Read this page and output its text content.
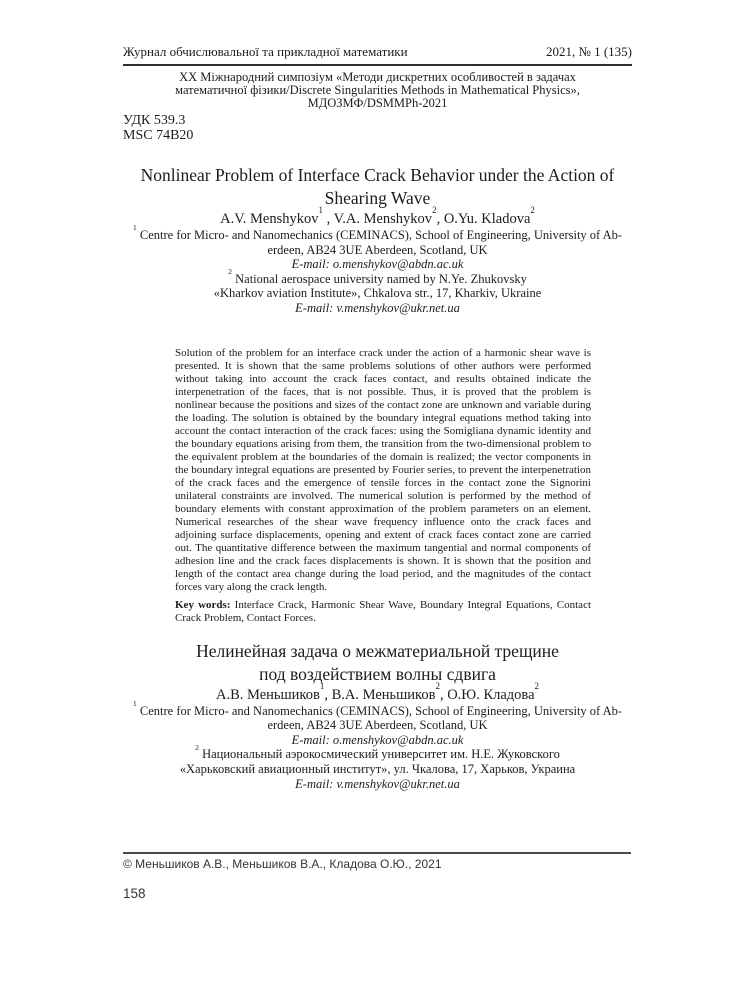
Журнал обчислювальної та прикладної математики	2021, № 1 (135)
ХХ Міжнародний симпозіум «Методи дискретних особливостей в задачах
математичної фізики/Discrete Singularities Methods in Mathematical Physics»,
МДОЗМФ/DSMMPh-2021
УДК 539.3
MSC 74B20
Nonlinear Problem of Interface Crack Behavior under the Action of
Shearing Wave
A.V. Menshykov$^1$ , V.A. Menshykov$^2$, O.Yu. Kladova$^2$
$^1$ Centre for Micro- and Nanomechanics (CEMINACS), School of Engineering, University of Ab-
erdeen, AB24 3UE Aberdeen, Scotland, UK
E-mail: o.menshykov@abdn.ac.uk
$^2$ National aerospace university named by N.Ye. Zhukovsky
«Kharkov aviation Institute», Chkalova str., 17, Kharkiv, Ukraine
E-mail: v.menshykov@ukr.net.ua
Solution of the problem for an interface crack under the action of a harmonic shear wave is presented. It is shown that the same problems solutions of other authors were performed without taking into account the crack faces contact, and results obtained indicate the interpenetration of the faces, that is not possible. Thus, it is proved that the problem is nonlinear because the positions and sizes of the contact zone are unknown and variable during the loading. The solution is obtained by the boundary integral equations method taking into account the contact interaction of the crack faces: using the Somigliana dynamic identity and the boundary equations arising from them, the transition from the two-dimensional problem to the equivalent problem at the boundaries of the domain is realized; the vector components in the boundary integral equations are presented by Fourier series, to prevent the interpenetration of the crack faces and the emergence of tensile forces in the contact zone the Signorini unilateral constraints are involved. The numerical solution is performed by the method of boundary elements with constant approximation of the problem parameters on an element. Numerical researches of the shear wave frequency influence onto the crack faces and adjoining surface displacements, opening and extent of crack faces contact zone are carried out. The quantitative difference between the maximum tangential and normal components of adhesion line and the crack faces displacements is shown. It is shown that the position and length of the contact area change during the load period, and the magnitudes of the contact forces vary along the crack length.
Key words: Interface Crack, Harmonic Shear Wave, Boundary Integral Equations, Contact Crack Problem, Contact Forces.
Нелинейная задача о межматериальной трещине
под воздействием волны сдвига
А.В. Меньшиков$^1$, В.А. Меньшиков$^2$, О.Ю. Кладова$^2$
$^1$ Centre for Micro- and Nanomechanics (CEMINACS), School of Engineering, University of Ab-
erdeen, AB24 3UE Aberdeen, Scotland, UK
E-mail: o.menshykov@abdn.ac.uk
$^2$ Национальный аэрокосмический университет им. Н.Е. Жуковского
«Харьковский авиационный институт», ул. Чкалова, 17, Харьков, Украина
E-mail: v.menshykov@ukr.net.ua
© Меньшиков А.В., Меньшиков В.А., Кладова О.Ю., 2021
158
